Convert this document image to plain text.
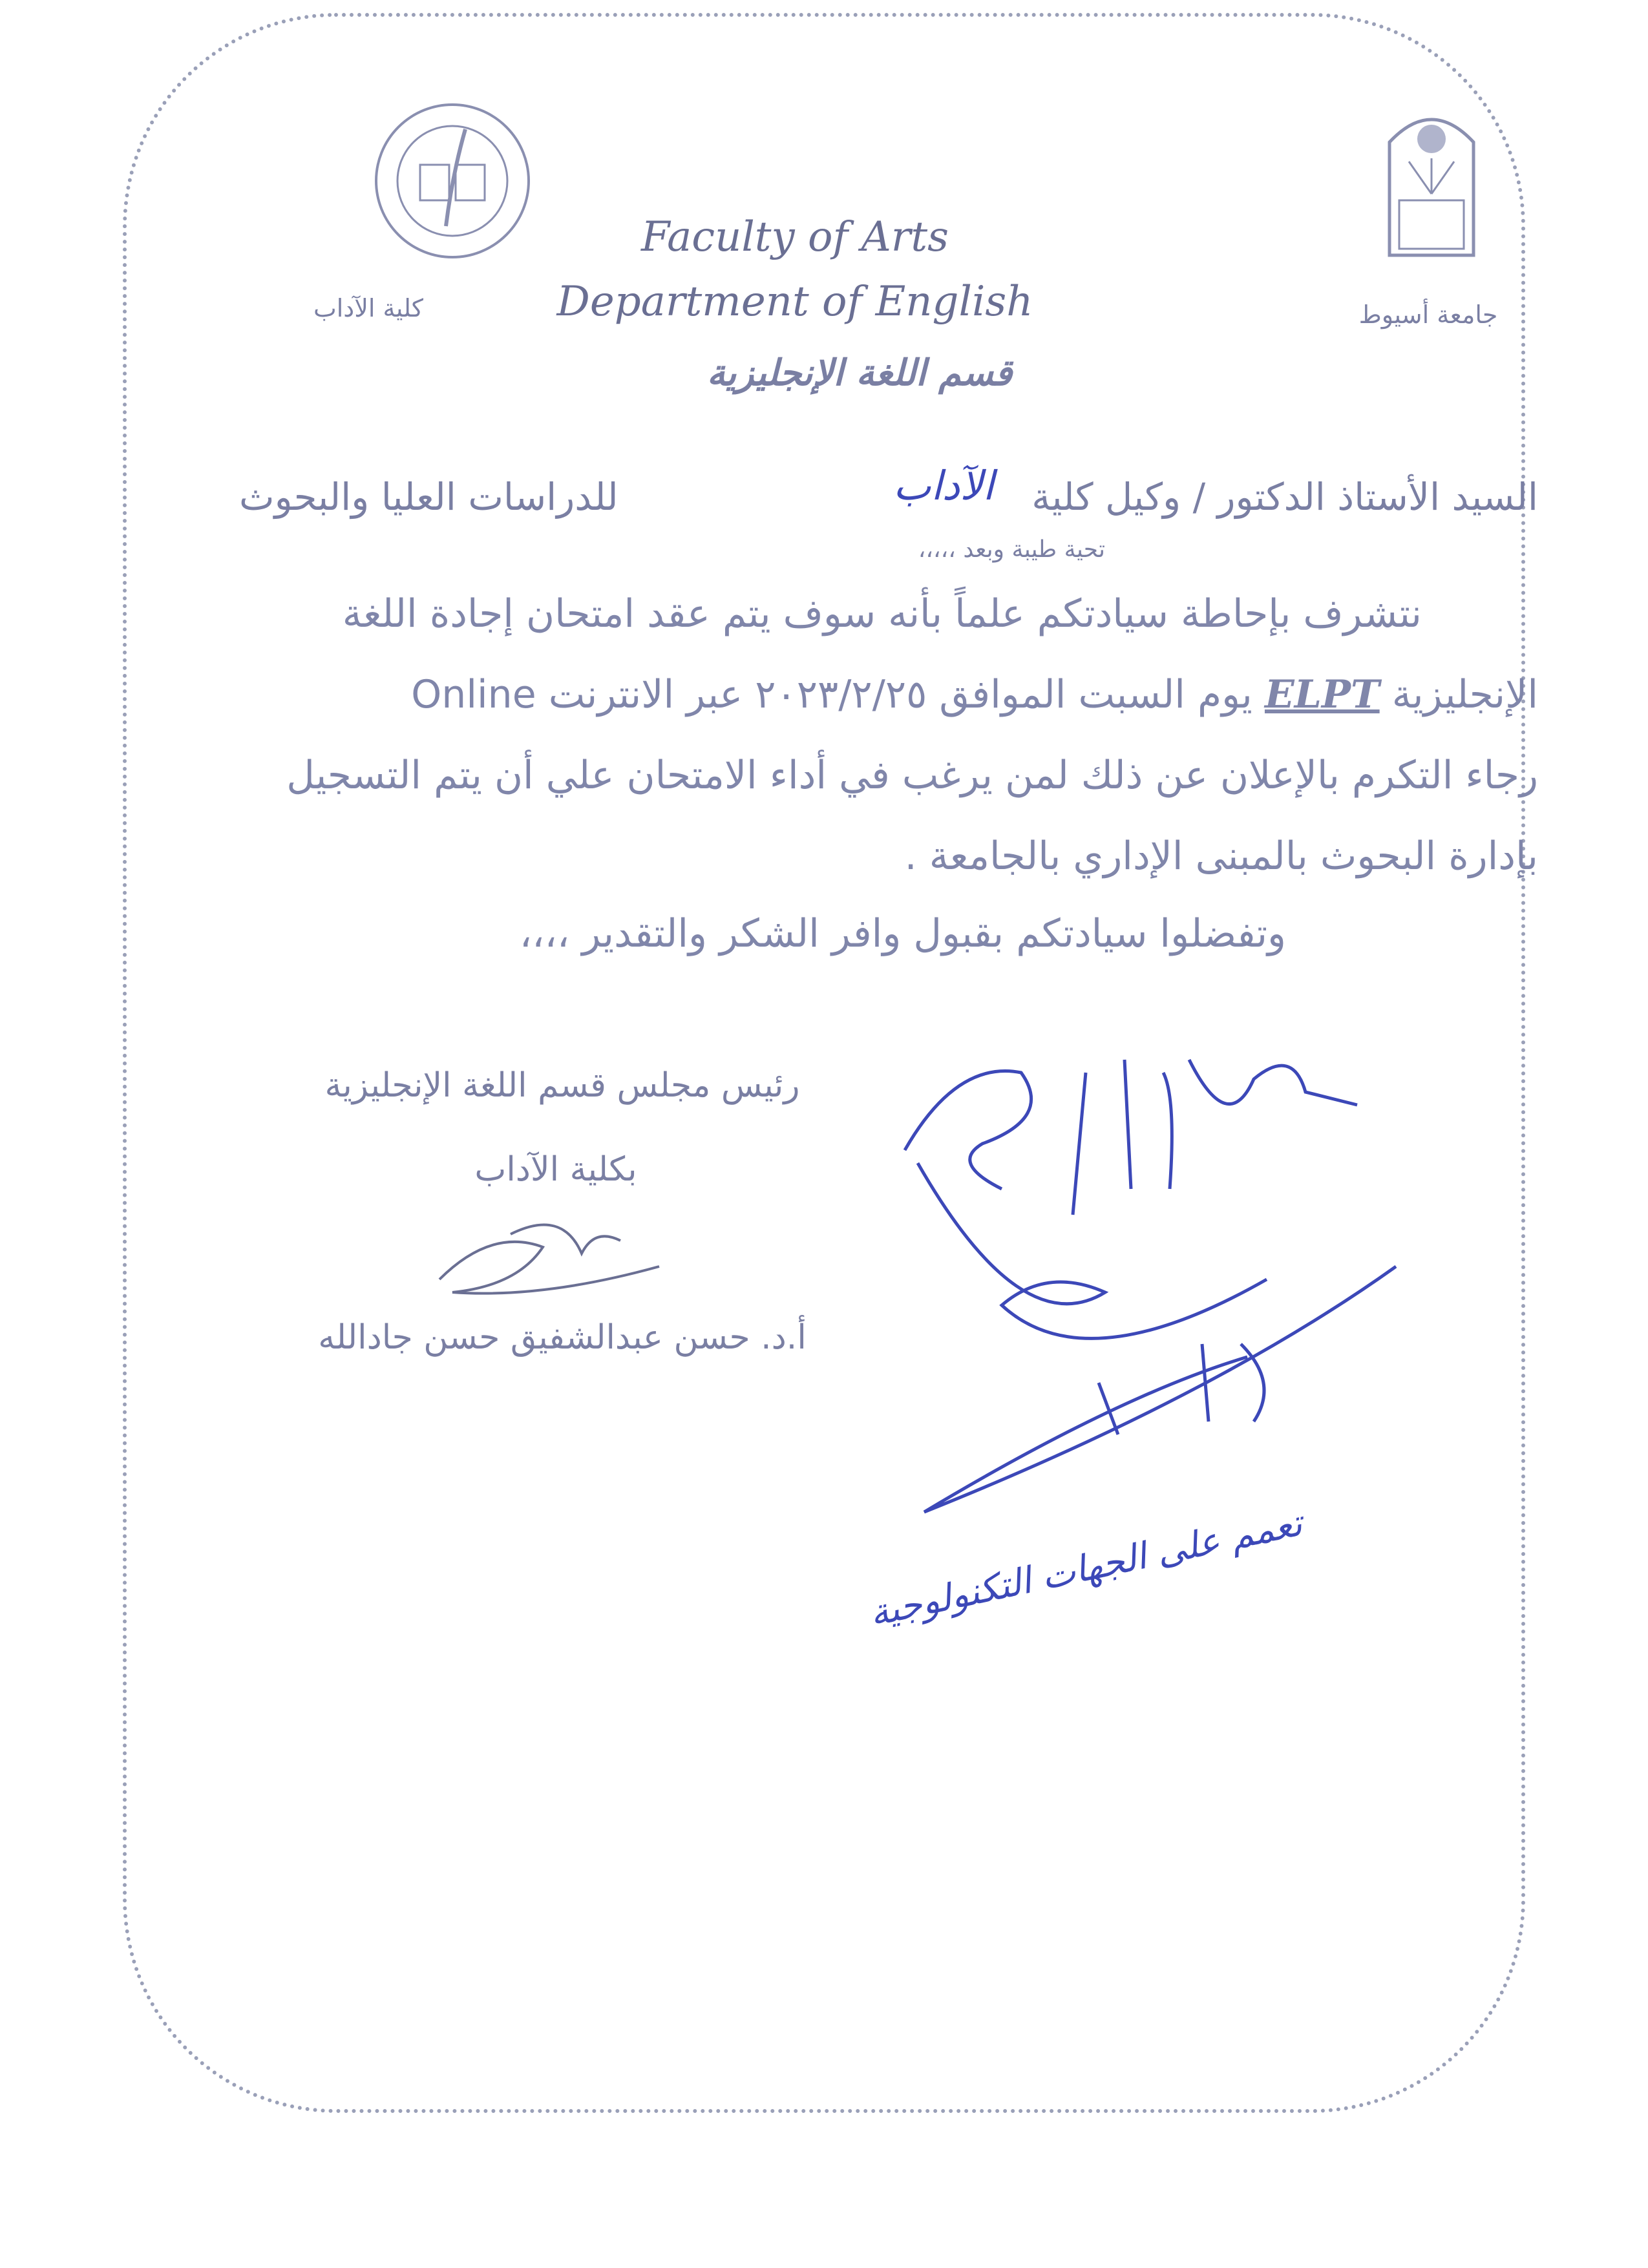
Faculty of Arts
Department of English
قسم اللغة الإنجليزية
كلية الآداب	جامعة أسيوط
السيد الأستاذ الدكتور / وكيل كلية
الآداب
للدراسات العليا والبحوث
تحية طيبة وبعد ،،،،،
نتشرف بإحاطة سيادتكم علماً بأنه سوف يتم عقد امتحان إجادة اللغة
الإنجليزية ELPT يوم السبت الموافق ٢٠٢٣/٢/٢٥ عبر الانترنت Online
رجاء التكرم بالإعلان عن ذلك لمن يرغب في أداء الامتحان علي أن يتم التسجيل
بإدارة البحوث بالمبنى الإداري بالجامعة .
وتفضلوا سيادتكم بقبول وافر الشكر والتقدير ،،،،
رئيس مجلس قسم اللغة الإنجليزية
بكلية الآداب
أ.د. حسن عبدالشفيق حسن جادالله
تعمم على الجهات التكنولوجية
